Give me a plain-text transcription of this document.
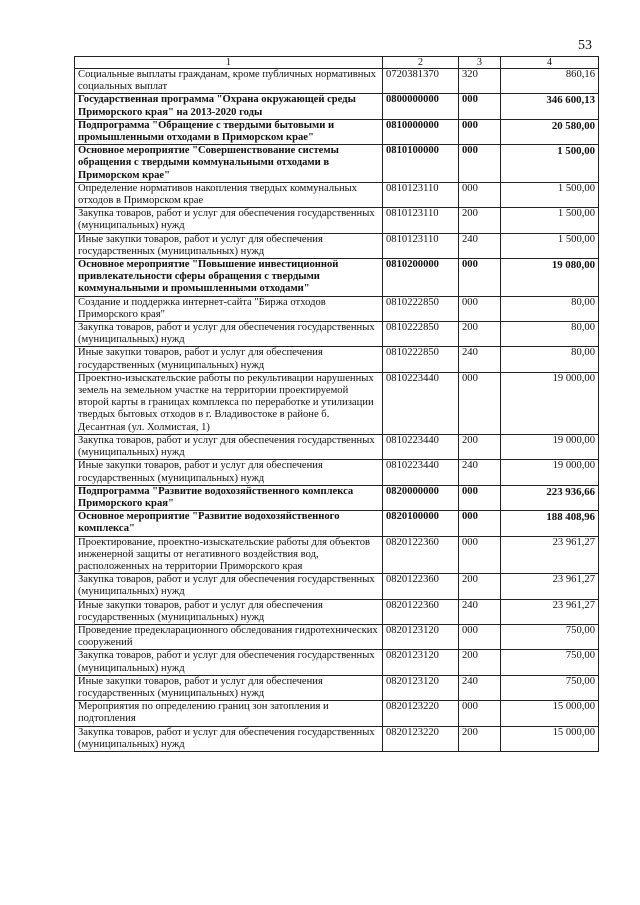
53
1	2	3	4
Социальные выплаты гражданам, кроме публичных нормативных социальных выплат	0720381370	320	860,16
Государственная программа "Охрана окружающей среды Приморского края" на 2013-2020 годы	0800000000	000	346 600,13
Подпрограмма "Обращение с твердыми бытовыми и промышленными отходами в Приморском крае"	0810000000	000	20 580,00
Основное мероприятие "Совершенствование системы обращения с твердыми коммунальными отходами в Приморском крае"	0810100000	000	1 500,00
Определение нормативов накопления твердых коммунальных отходов в Приморском крае	0810123110	000	1 500,00
Закупка товаров, работ и услуг для обеспечения государственных (муниципальных) нужд	0810123110	200	1 500,00
Иные закупки товаров, работ и услуг для обеспечения государственных (муниципальных) нужд	0810123110	240	1 500,00
Основное мероприятие "Повышение инвестиционной привлекательности сферы обращения с твердыми коммунальными и промышленными отходами"	0810200000	000	19 080,00
Создание и поддержка интернет-сайта "Биржа отходов Приморского края"	0810222850	000	80,00
Закупка товаров, работ и услуг для обеспечения государственных (муниципальных) нужд	0810222850	200	80,00
Иные закупки товаров, работ и услуг для обеспечения государственных (муниципальных) нужд	0810222850	240	80,00
Проектно-изыскательские работы по рекультивации нарушенных земель на земельном участке на территории проектируемой второй карты в границах комплекса по переработке и утилизации твердых бытовых отходов в г. Владивостоке в районе б. Десантная (ул. Холмистая, 1)	0810223440	000	19 000,00
Закупка товаров, работ и услуг для обеспечения государственных (муниципальных) нужд	0810223440	200	19 000,00
Иные закупки товаров, работ и услуг для обеспечения государственных (муниципальных) нужд	0810223440	240	19 000,00
Подпрограмма "Развитие водохозяйственного комплекса Приморского края"	0820000000	000	223 936,66
Основное мероприятие "Развитие водохозяйственного комплекса"	0820100000	000	188 408,96
Проектирование, проектно-изыскательские работы для объектов инженерной защиты от негативного воздействия вод, расположенных на территории Приморского края	0820122360	000	23 961,27
Закупка товаров, работ и услуг для обеспечения государственных (муниципальных) нужд	0820122360	200	23 961,27
Иные закупки товаров, работ и услуг для обеспечения государственных (муниципальных) нужд	0820122360	240	23 961,27
Проведение предекларационного обследования гидротехнических сооружений	0820123120	000	750,00
Закупка товаров, работ и услуг для обеспечения государственных (муниципальных) нужд	0820123120	200	750,00
Иные закупки товаров, работ и услуг для обеспечения государственных (муниципальных) нужд	0820123120	240	750,00
Мероприятия по определению границ зон затопления и подтопления	0820123220	000	15 000,00
Закупка товаров, работ и услуг для обеспечения государственных (муниципальных) нужд	0820123220	200	15 000,00
